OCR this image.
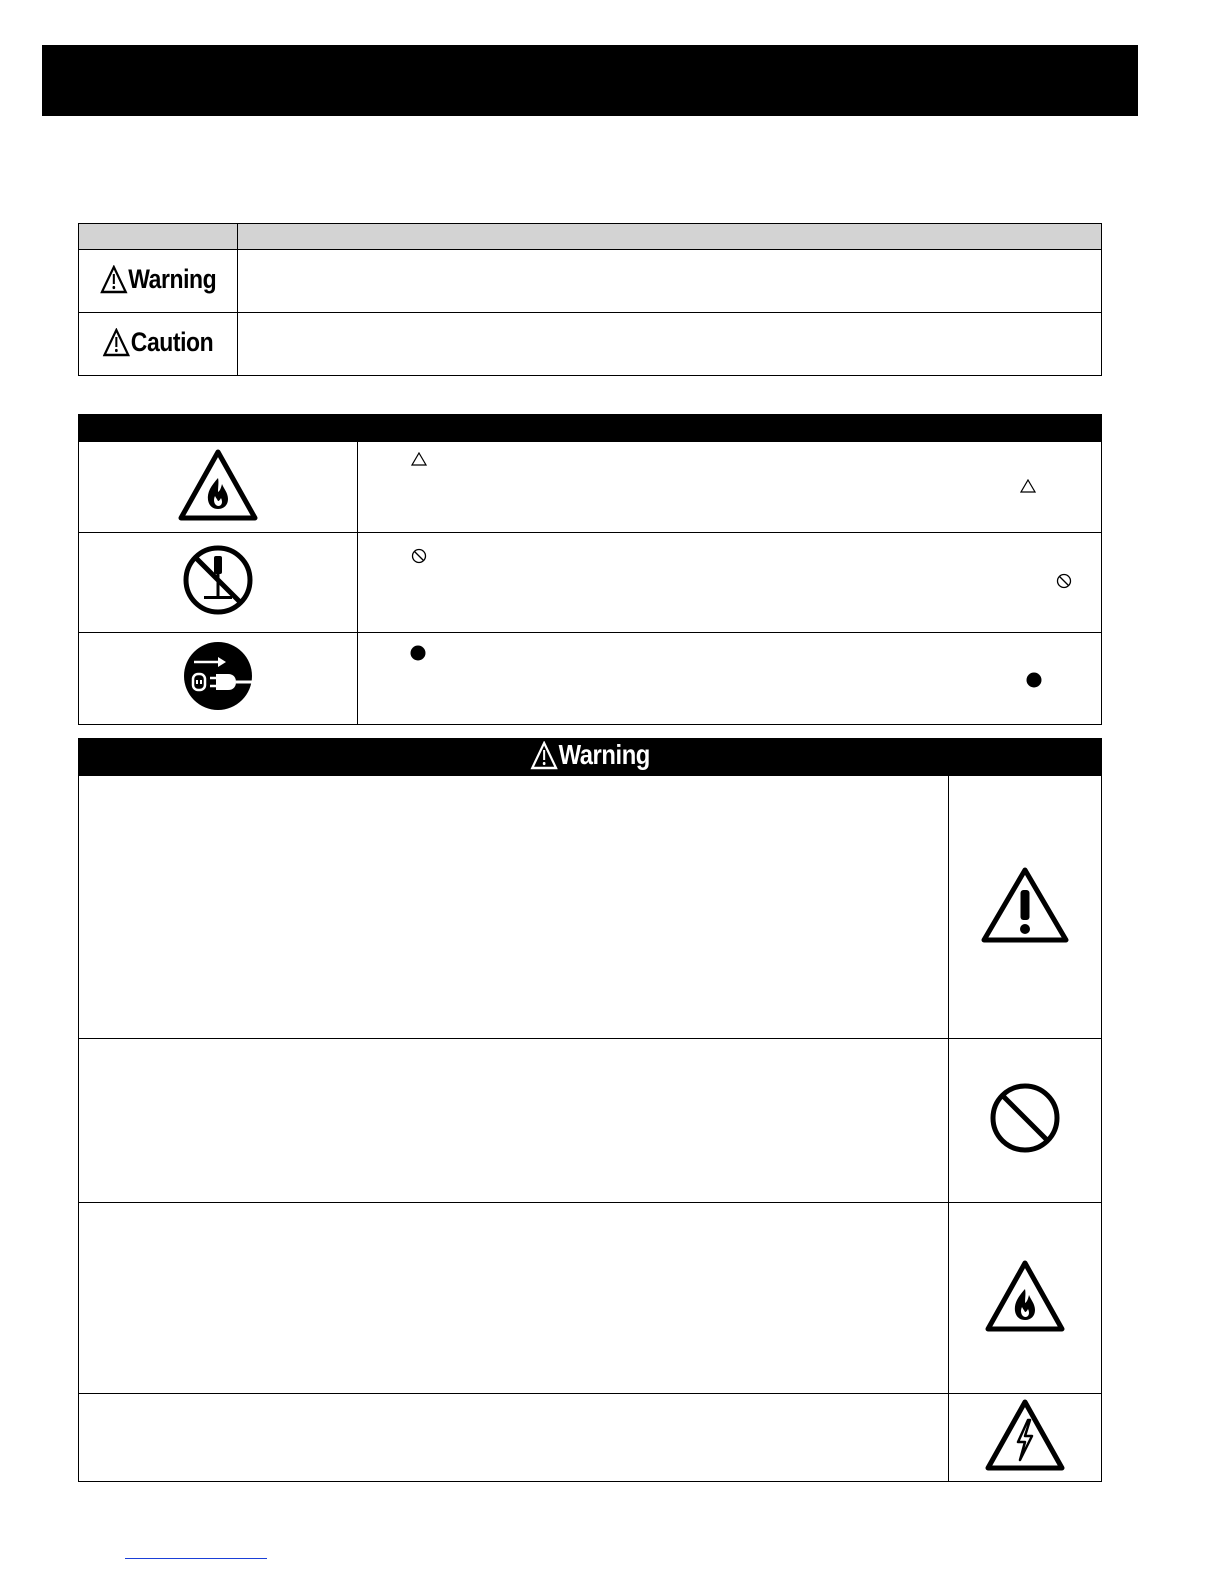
Warning	

Caution	

Warning	
